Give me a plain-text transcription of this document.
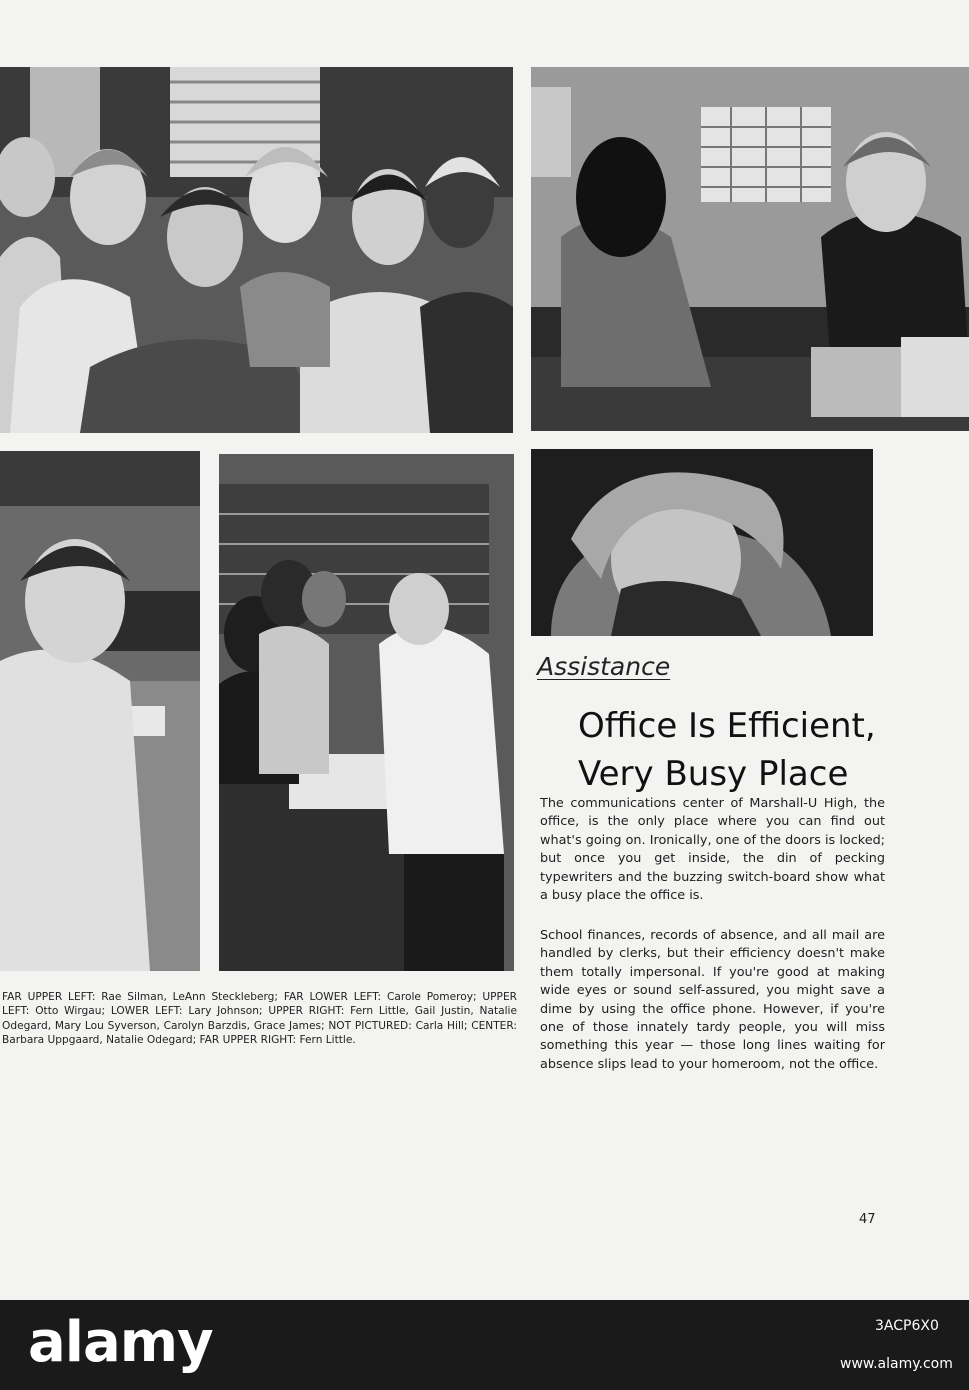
Assistance
Office Is Efficient,
Very Busy Place

The communications center of Marshall-U High, the office, is the only place where you can find out what's going on. Ironically, one of the doors is locked; but once you get inside, the din of pecking typewriters and the buzzing switch-board show what a busy place the office is.

School finances, records of absence, and all mail are handled by clerks, but their efficiency doesn't make them totally impersonal. If you're good at making wide eyes or sound self-assured, you might save a dime by using the office phone. However, if you're one of those innately tardy people, you will miss something this year — those long lines waiting for absence slips lead to your homeroom, not the office.

FAR UPPER LEFT: Rae Silman, LeAnn Steckleberg; FAR LOWER LEFT: Carole Pomeroy; UPPER LEFT: Otto Wirgau; LOWER LEFT: Lary Johnson; UPPER RIGHT: Fern Little, Gail Justin, Natalie Odegard, Mary Lou Syverson, Carolyn Barzdis, Grace James; NOT PICTURED: Carla Hill; CENTER: Barbara Uppgaard, Natalie Odegard; FAR UPPER RIGHT: Fern Little.

47
alamy	3ACP6X0
www.alamy.com
